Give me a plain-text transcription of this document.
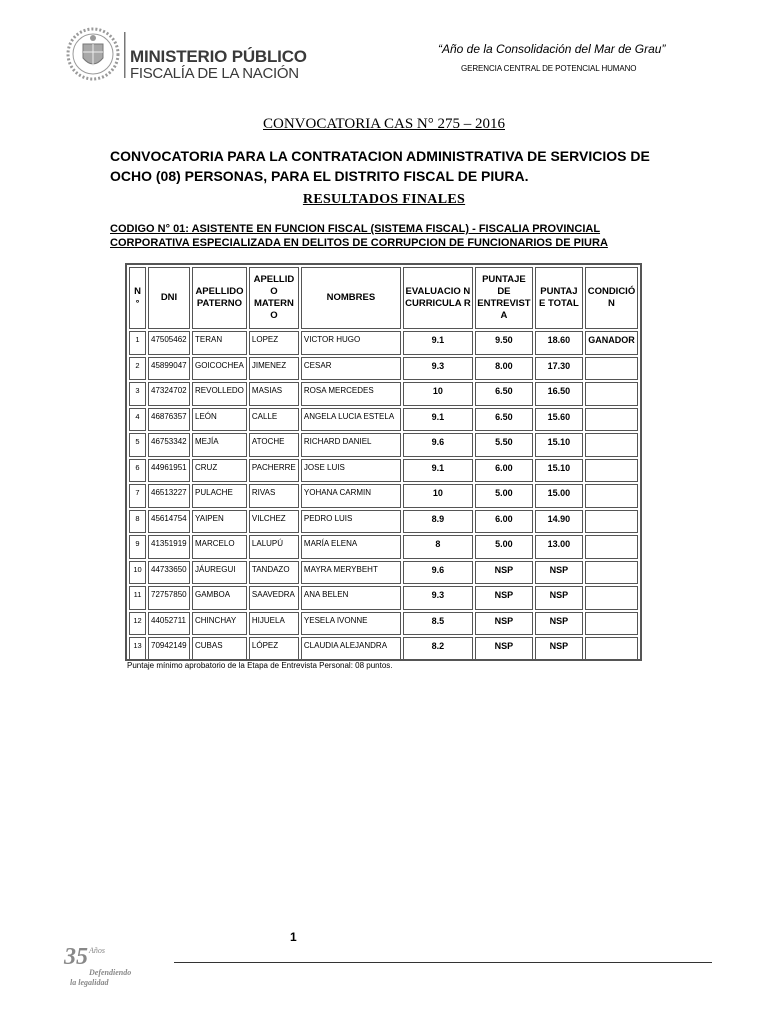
MINISTERIO PÚBLICO
FISCALÍA DE LA NACIÓN
“Año de la Consolidación del Mar de Grau”
GERENCIA CENTRAL DE POTENCIAL HUMANO
CONVOCATORIA CAS N° 275 – 2016
CONVOCATORIA PARA LA CONTRATACION ADMINISTRATIVA DE SERVICIOS DE OCHO (08) PERSONAS, PARA EL DISTRITO FISCAL DE PIURA.
RESULTADOS FINALES
CODIGO N° 01: ASISTENTE EN FUNCION FISCAL (SISTEMA FISCAL) - FISCALIA PROVINCIAL
CORPORATIVA ESPECIALIZADA EN DELITOS DE CORRUPCION DE FUNCIONARIOS DE PIURA
N °	DNI	APELLIDO PATERNO	APELLID O MATERN O	NOMBRES	EVALUACIO N CURRICULA R	PUNTAJE DE ENTREVIST A	PUNTAJ E TOTAL	CONDICIÓ N
1	47505462	TERAN	LOPEZ	VICTOR HUGO	9.1	9.50	18.60	GANADOR
2	45899047	GOICOCHEA	JIMENEZ	CESAR	9.3	8.00	17.30	
3	47324702	REVOLLEDO	MASIAS	ROSA MERCEDES	10	6.50	16.50	
4	46876357	LEÓN	CALLE	ANGELA LUCIA ESTELA	9.1	6.50	15.60	
5	46753342	MEJÍA	ATOCHE	RICHARD DANIEL	9.6	5.50	15.10	
6	44961951	CRUZ	PACHERRE	JOSE LUIS	9.1	6.00	15.10	
7	46513227	PULACHE	RIVAS	YOHANA CARMIN	10	5.00	15.00	
8	45614754	YAIPEN	VILCHEZ	PEDRO LUIS	8.9	6.00	14.90	
9	41351919	MARCELO	LALUPÚ	MARÍA ELENA	8	5.00	13.00	
10	44733650	JÁUREGUI	TANDAZO	MAYRA MERYBEHT	9.6	NSP	NSP	
11	72757850	GAMBOA	SAAVEDRA	ANA BELEN	9.3	NSP	NSP	
12	44052711	CHINCHAY	HIJUELA	YESELA IVONNE	8.5	NSP	NSP	
13	70942149	CUBAS	LÓPEZ	CLAUDIA ALEJANDRA	8.2	NSP	NSP	
Puntaje mínimo aprobatorio de la Etapa de Entrevista Personal: 08 puntos.
1
35 Años
Defendiendo
la legalidad
